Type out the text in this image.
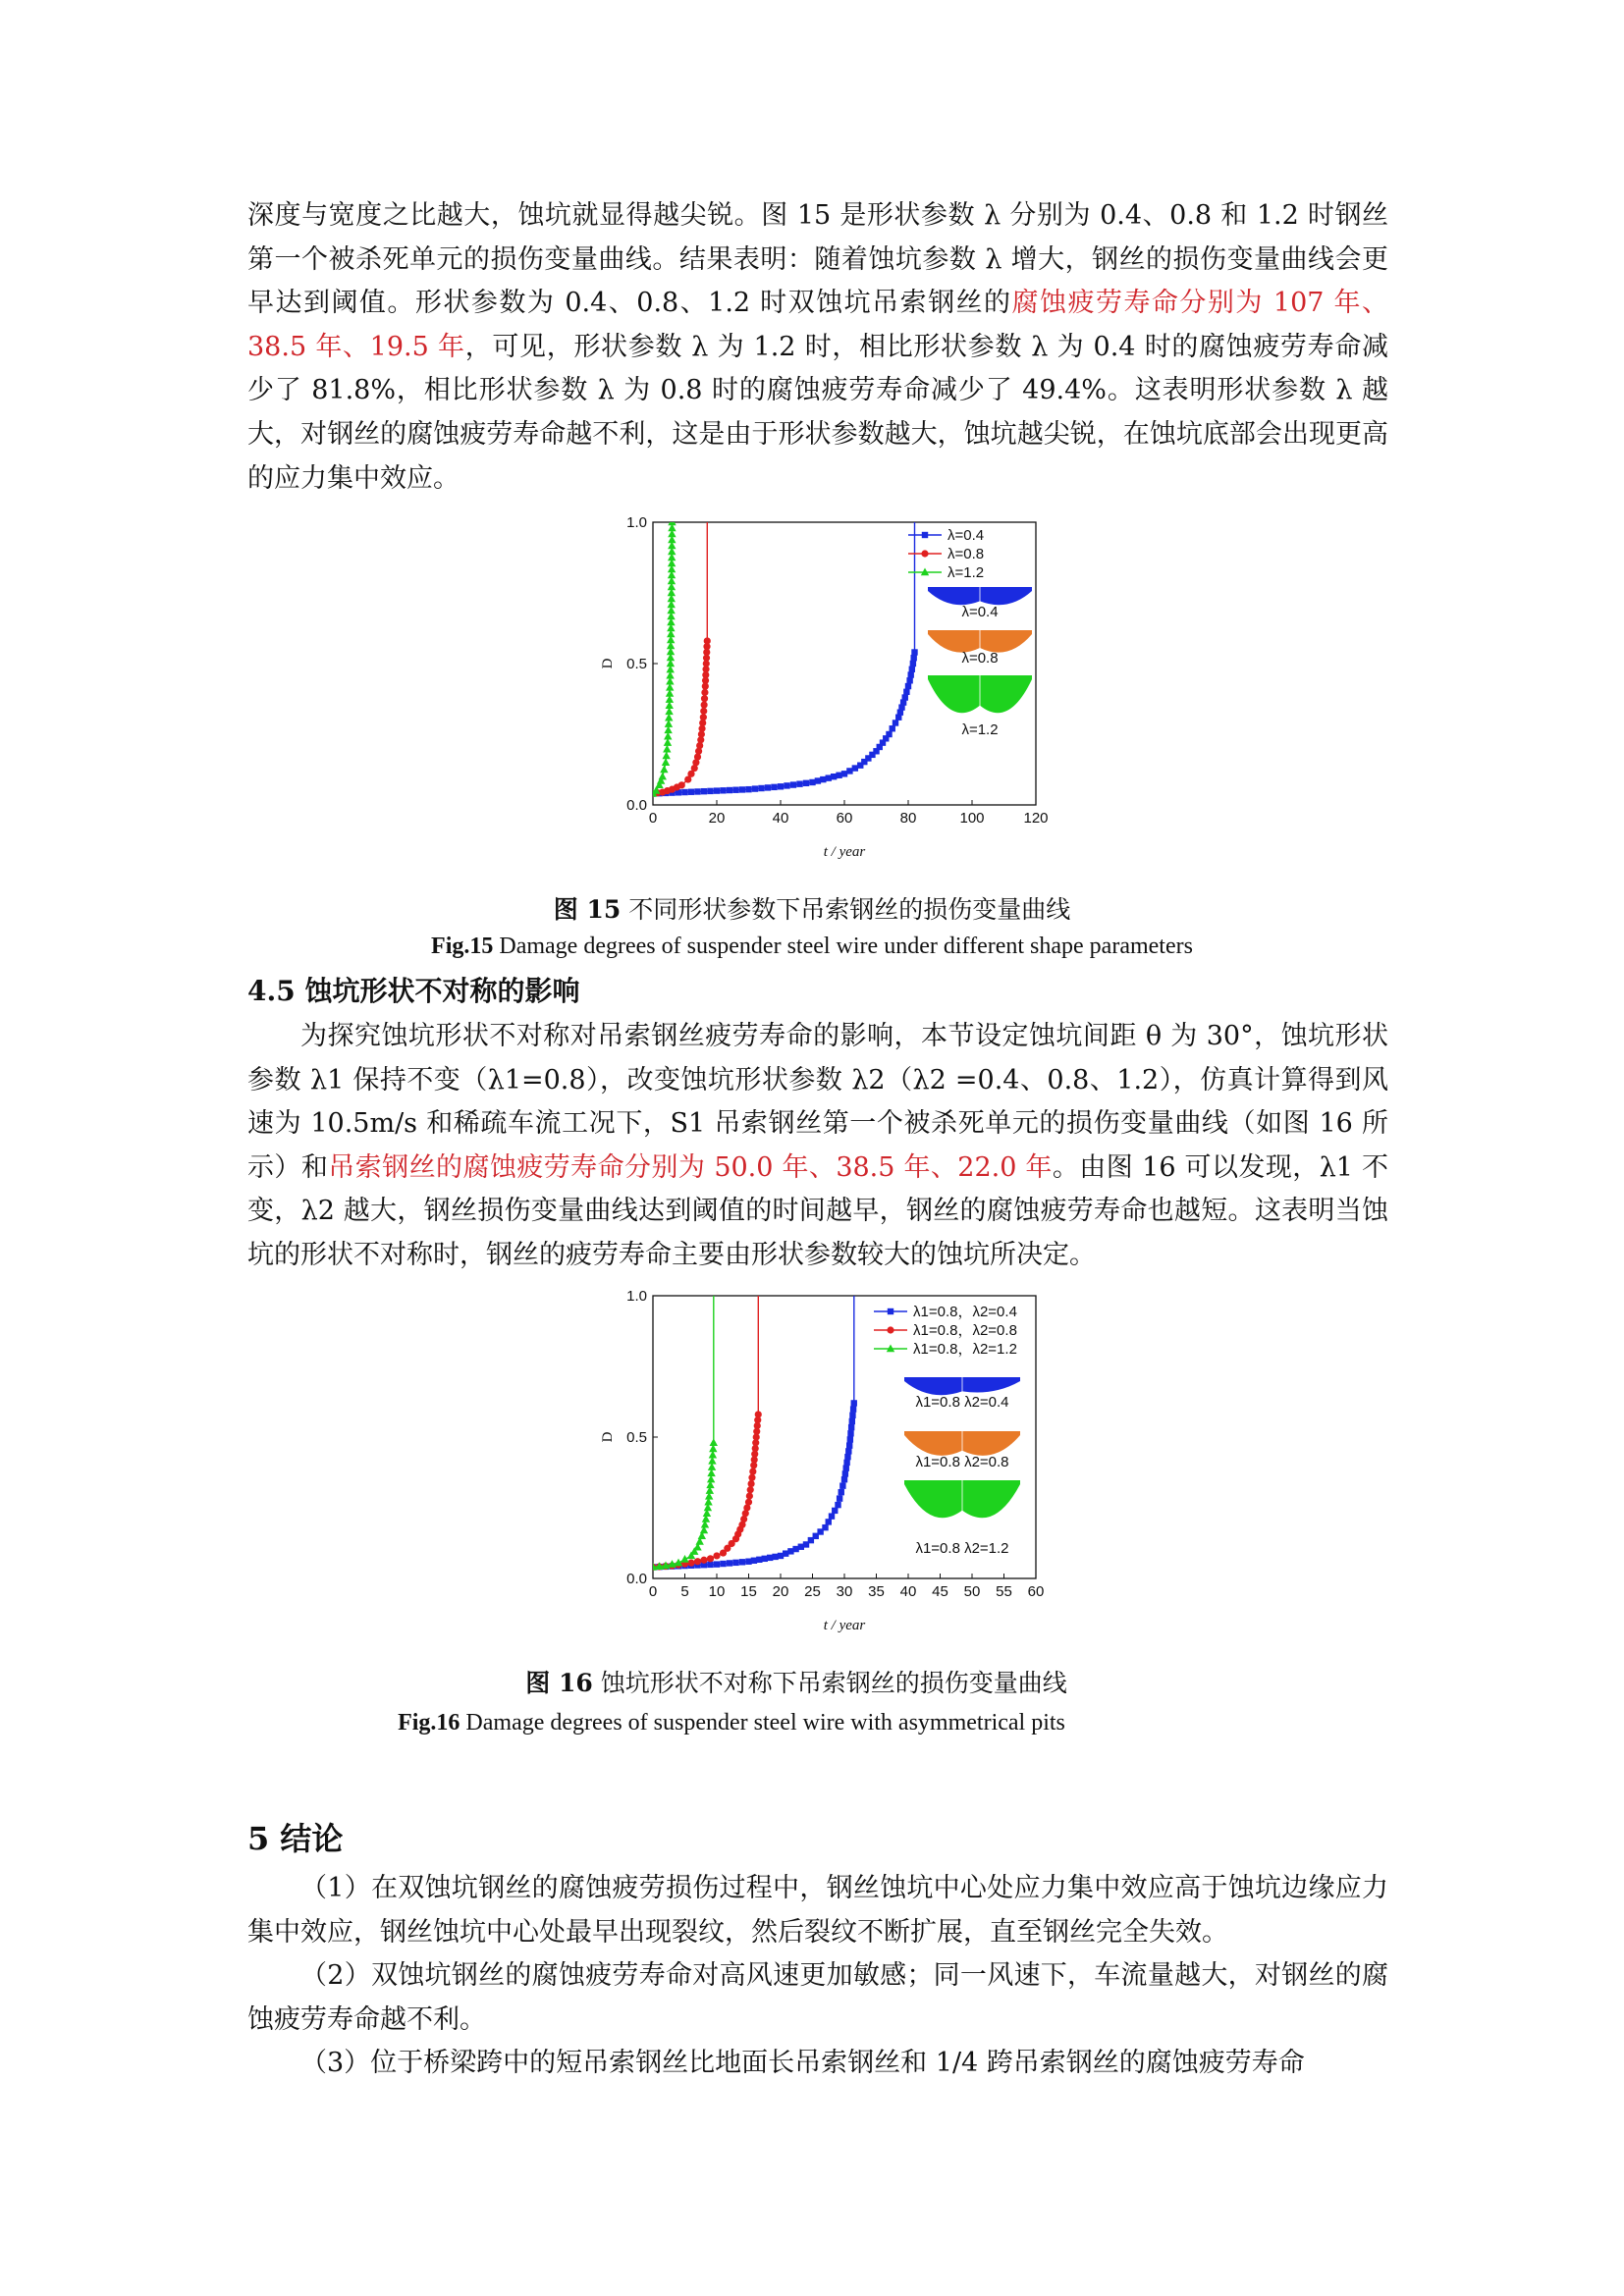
深度与宽度之比越大，蚀坑就显得越尖锐。图 15 是形状参数 λ 分别为 0.4、0.8 和 1.2 时钢丝第一个被杀死单元的损伤变量曲线。结果表明：随着蚀坑参数 λ 增大，钢丝的损伤变量曲线会更早达到阈值。形状参数为 0.4、0.8、1.2 时双蚀坑吊索钢丝的腐蚀疲劳寿命分别为 107 年、38.5 年、19.5 年，可见，形状参数 λ 为 1.2 时，相比形状参数 λ 为 0.4 时的腐蚀疲劳寿命减少了 81.8%，相比形状参数 λ 为 0.8 时的腐蚀疲劳寿命减少了 49.4%。这表明形状参数 λ 越大，对钢丝的腐蚀疲劳寿命越不利，这是由于形状参数越大，蚀坑越尖锐，在蚀坑底部会出现更高的应力集中效应。

0	20	40	60	80	100	120
0.0
0.5
1.0
t / year
D
λ=0.4
λ=0.8
λ=1.2
λ=0.4
λ=0.8
λ=1.2

图 15 不同形状参数下吊索钢丝的损伤变量曲线

Fig.15 Damage degrees of suspender steel wire under different shape parameters

4.5 蚀坑形状不对称的影响

为探究蚀坑形状不对称对吊索钢丝疲劳寿命的影响，本节设定蚀坑间距 θ 为 30°，蚀坑形状参数 λ1 保持不变（λ1=0.8），改变蚀坑形状参数 λ2（λ2 =0.4、0.8、1.2），仿真计算得到风速为 10.5m/s 和稀疏车流工况下，S1 吊索钢丝第一个被杀死单元的损伤变量曲线（如图 16 所示）和吊索钢丝的腐蚀疲劳寿命分别为 50.0 年、38.5 年、22.0 年。由图 16 可以发现，λ1 不变，λ2 越大，钢丝损伤变量曲线达到阈值的时间越早，钢丝的腐蚀疲劳寿命也越短。这表明当蚀坑的形状不对称时，钢丝的疲劳寿命主要由形状参数较大的蚀坑所决定。

0 5 10 15 20 25 30 35 40 45 50 55 60
0.0
0.5
1.0
t / year
D
λ1=0.8，λ2=0.4
λ1=0.8，λ2=0.8
λ1=0.8，λ2=1.2
λ1=0.8 λ2=0.4
λ1=0.8 λ2=0.8
λ1=0.8 λ2=1.2

图 16 蚀坑形状不对称下吊索钢丝的损伤变量曲线

Fig.16 Damage degrees of suspender steel wire with asymmetrical pits

5 结论

（1）在双蚀坑钢丝的腐蚀疲劳损伤过程中，钢丝蚀坑中心处应力集中效应高于蚀坑边缘应力集中效应，钢丝蚀坑中心处最早出现裂纹，然后裂纹不断扩展，直至钢丝完全失效。

（2）双蚀坑钢丝的腐蚀疲劳寿命对高风速更加敏感；同一风速下，车流量越大，对钢丝的腐蚀疲劳寿命越不利。

（3）位于桥梁跨中的短吊索钢丝比地面长吊索钢丝和 1/4 跨吊索钢丝的腐蚀疲劳寿命
